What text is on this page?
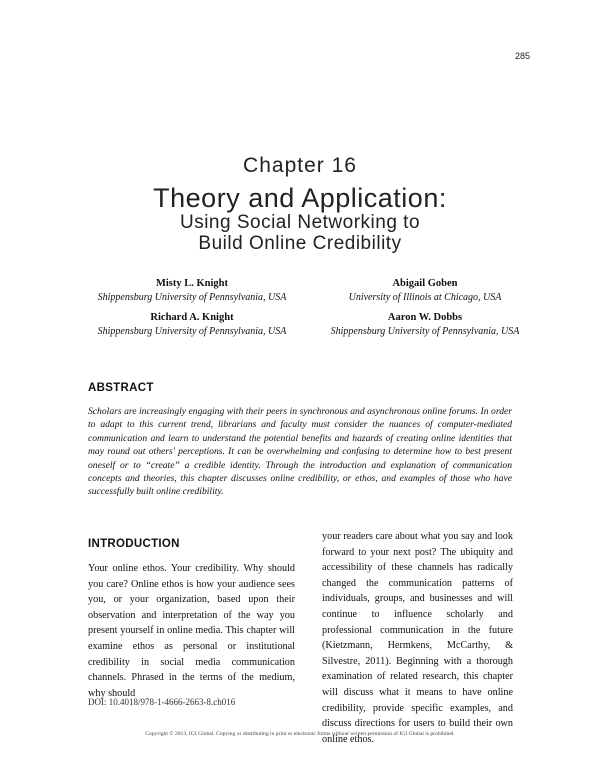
285
Chapter 16
Theory and Application:
Using Social Networking to
Build Online Credibility
Misty L. Knight
Shippensburg University of Pennsylvania, USA
Abigail Goben
University of Illinois at Chicago, USA
Richard A. Knight
Shippensburg University of Pennsylvania, USA
Aaron W. Dobbs
Shippensburg University of Pennsylvania, USA
ABSTRACT
Scholars are increasingly engaging with their peers in synchronous and asynchronous online forums. In order to adapt to this current trend, librarians and faculty must consider the nuances of computer-mediated communication and learn to understand the potential benefits and hazards of creating online identities that may round out others' perceptions. It can be overwhelming and confusing to determine how to best present oneself or to “create” a credible identity. Through the introduction and explanation of communication concepts and theories, this chapter discusses online credibility, or ethos, and examples of those who have successfully built online credibility.
INTRODUCTION
Your online ethos. Your credibility. Why should you care? Online ethos is how your audience sees you, or your organization, based upon their observation and interpretation of the way you present yourself in online media. This chapter will examine ethos as personal or institutional credibility in social media communication channels. Phrased in the terms of the medium, why should
your readers care about what you say and look forward to your next post? The ubiquity and accessibility of these channels has radically changed the communication patterns of individuals, groups, and businesses and will continue to influence scholarly and professional communication in the future (Kietzmann, Hermkens, McCarthy, & Silvestre, 2011). Beginning with a thorough examination of related research, this chapter will discuss what it means to have online credibility, provide specific examples, and discuss directions for users to build their own online ethos.
DOI: 10.4018/978-1-4666-2663-8.ch016
Copyright © 2013, IGI Global. Copying or distributing in print or electronic forms without written permission of IGI Global is prohibited.
